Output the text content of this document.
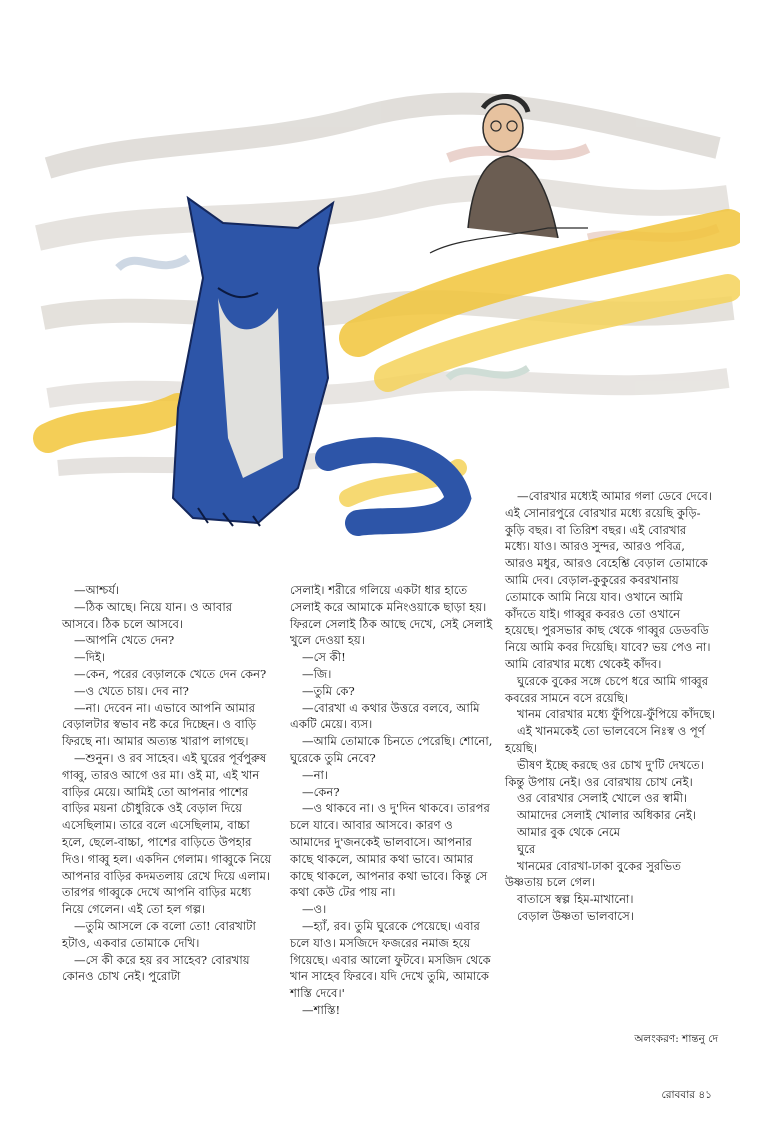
—আশ্চর্য।

—ঠিক আছে। নিয়ে যান। ও আবার আসবে। ঠিক চলে আসবে।

—আপনি খেতে দেন?

—দিই।

—কেন, পরের বেড়ালকে খেতে দেন কেন?

—ও খেতে চায়। দেব না?

—না। দেবেন না। এভাবে আপনি আমার বেড়ালটার স্বভাব নষ্ট করে দিচ্ছেন। ও বাড়ি ফিরছে না। আমার অত্যন্ত খারাপ লাগছে।

—শুনুন। ও রব সাহেব। এই ঘুরের পূর্বপুরুষ গাব্বু, তারও আগে ওর মা। ওই মা, এই খান বাড়ির মেয়ে। আমিই তো আপনার পাশের বাড়ির ময়না চৌধুরিকে ওই বেড়াল দিয়ে এসেছিলাম। তারে বলে এসেছিলাম, বাচ্চা হলে, ছেলে-বাচ্চা, পাশের বাড়িতে উপহার দিও। গাব্বু হল। একদিন গেলাম। গাব্বুকে নিয়ে আপনার বাড়ির কদমতলায় রেখে দিয়ে এলাম। তারপর গাব্বুকে দেখে আপনি বাড়ির মধ্যে নিয়ে গেলেন। এই তো হল গল্প।

—তুমি আসলে কে বলো তো! বোরখাটা হটাও, একবার তোমাকে দেখি।

—সে কী করে হয় রব সাহেব? বোরখায় কোনও চোখ নেই। পুরোটা

সেলাই। শরীরে গলিয়ে একটা ধার হাতে সেলাই করে আমাকে মনিংওয়াকে ছাড়া হয়। ফিরলে সেলাই ঠিক আছে দেখে, সেই সেলাই খুলে দেওয়া হয়।

—সে কী!

—জি।

—তুমি কে?

—বোরখা এ কথার উত্তরে বলবে, আমি একটি মেয়ে। ব্যস।

—আমি তোমাকে চিনতে পেরেছি। শোনো, ঘুরেকে তুমি নেবে?

—না।

—কেন?

—ও থাকবে না। ও দু'দিন থাকবে। তারপর চলে যাবে। আবার আসবে। কারণ ও আমাদের দু'জনকেই ভালবাসে। আপনার কাছে থাকলে, আমার কথা ভাবে। আমার কাছে থাকলে, আপনার কথা ভাবে। কিন্তু সে কথা কেউ টের পায় না।

—ও।

—হ্যাঁ, রব। তুমি ঘুরেকে পেয়েছে। এবার চলে যাও। মসজিদে ফজরের নমাজ হয়ে গিয়েছে। এবার আলো ফুটবে। মসজিদ থেকে খান সাহেব ফিরবে। যদি দেখে তুমি, আমাকে শাস্তি দেবে।'

—শাস্তি!

—বোরখার মধ্যেই আমার গলা ডেবে দেবে। এই সোনারপুরে বোরখার মধ্যে রয়েছি কুড়ি-কুড়ি বছর। বা তিরিশ বছর। এই বোরখার মধ্যে। যাও। আরও সুন্দর, আরও পবিত্র, আরও মধুর, আরও বেহেশ্তি বেড়াল তোমাকে আমি দেব। বেড়াল-কুকুরের কবরখানায় তোমাকে আমি নিয়ে যাব। ওখানে আমি কাঁদতে যাই। গাব্বুর কবরও তো ওখানে হয়েছে। পুরসভার কাছ থেকে গাব্বুর ডেডবডি নিয়ে আমি কবর দিয়েছি। যাবে? ভয় পেও না। আমি বোরখার মধ্যে থেকেই কাঁদব।

ঘুরেকে বুকের সঙ্গে চেপে ধরে আমি গাব্বুর কবরের সামনে বসে রয়েছি।

খানম বোরখার মধ্যে ফুঁপিয়ে-ফুঁপিয়ে কাঁদছে।

এই খানমকেই তো ভালবেসে নিঃস্ব ও পূর্ণ হয়েছি।

ভীষণ ইচ্ছে করছে ওর চোখ দু'টি দেখতে। কিন্তু উপায় নেই। ওর বোরখায় চোখ নেই।

ওর বোরখার সেলাই খোলে ওর স্বামী।

আমাদের সেলাই খোলার অধিকার নেই।

আমার বুক থেকে নেমে

ঘুরে

খানমের বোরখা-ঢাকা বুকের সুরভিত উষ্ণতায় চলে গেল।

বাতাসে স্বল্প হিম-মাখানো।

বেড়াল উষ্ণতা ভালবাসে।

অলংকরণ: শান্তনু দে
রোববার ৪১
